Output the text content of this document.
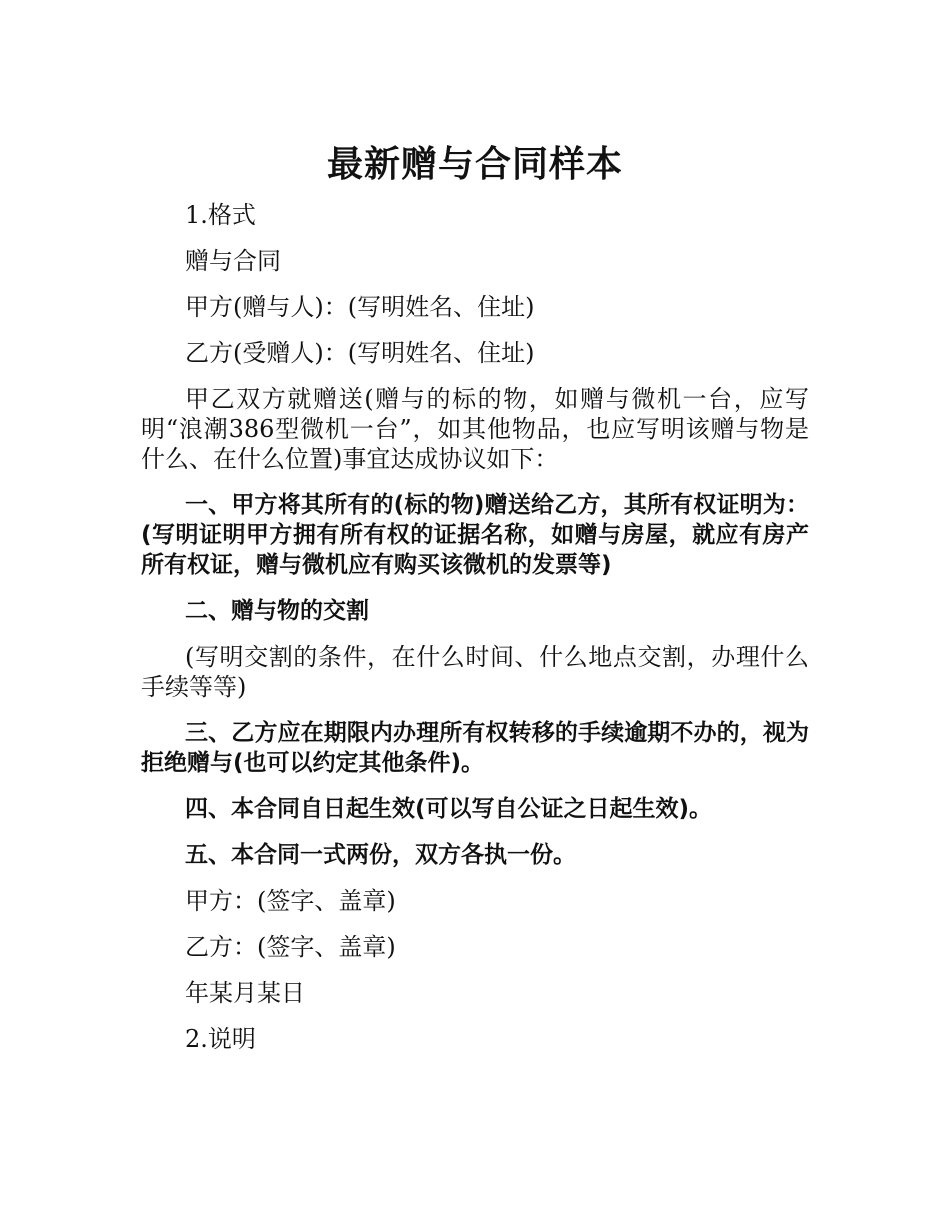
最新赠与合同样本

1.格式

赠与合同

甲方(赠与人)：(写明姓名、住址)

乙方(受赠人)：(写明姓名、住址)

甲乙双方就赠送(赠与的标的物，如赠与微机一台，应写明“浪潮386型微机一台”，如其他物品，也应写明该赠与物是什么、在什么位置)事宜达成协议如下：

一、甲方将其所有的(标的物)赠送给乙方，其所有权证明为：(写明证明甲方拥有所有权的证据名称，如赠与房屋，就应有房产所有权证，赠与微机应有购买该微机的发票等)

二、赠与物的交割

(写明交割的条件，在什么时间、什么地点交割，办理什么手续等等)

三、乙方应在期限内办理所有权转移的手续逾期不办的，视为拒绝赠与(也可以约定其他条件)。

四、本合同自日起生效(可以写自公证之日起生效)。

五、本合同一式两份，双方各执一份。

甲方：(签字、盖章)

乙方：(签字、盖章)

年某月某日

2.说明
